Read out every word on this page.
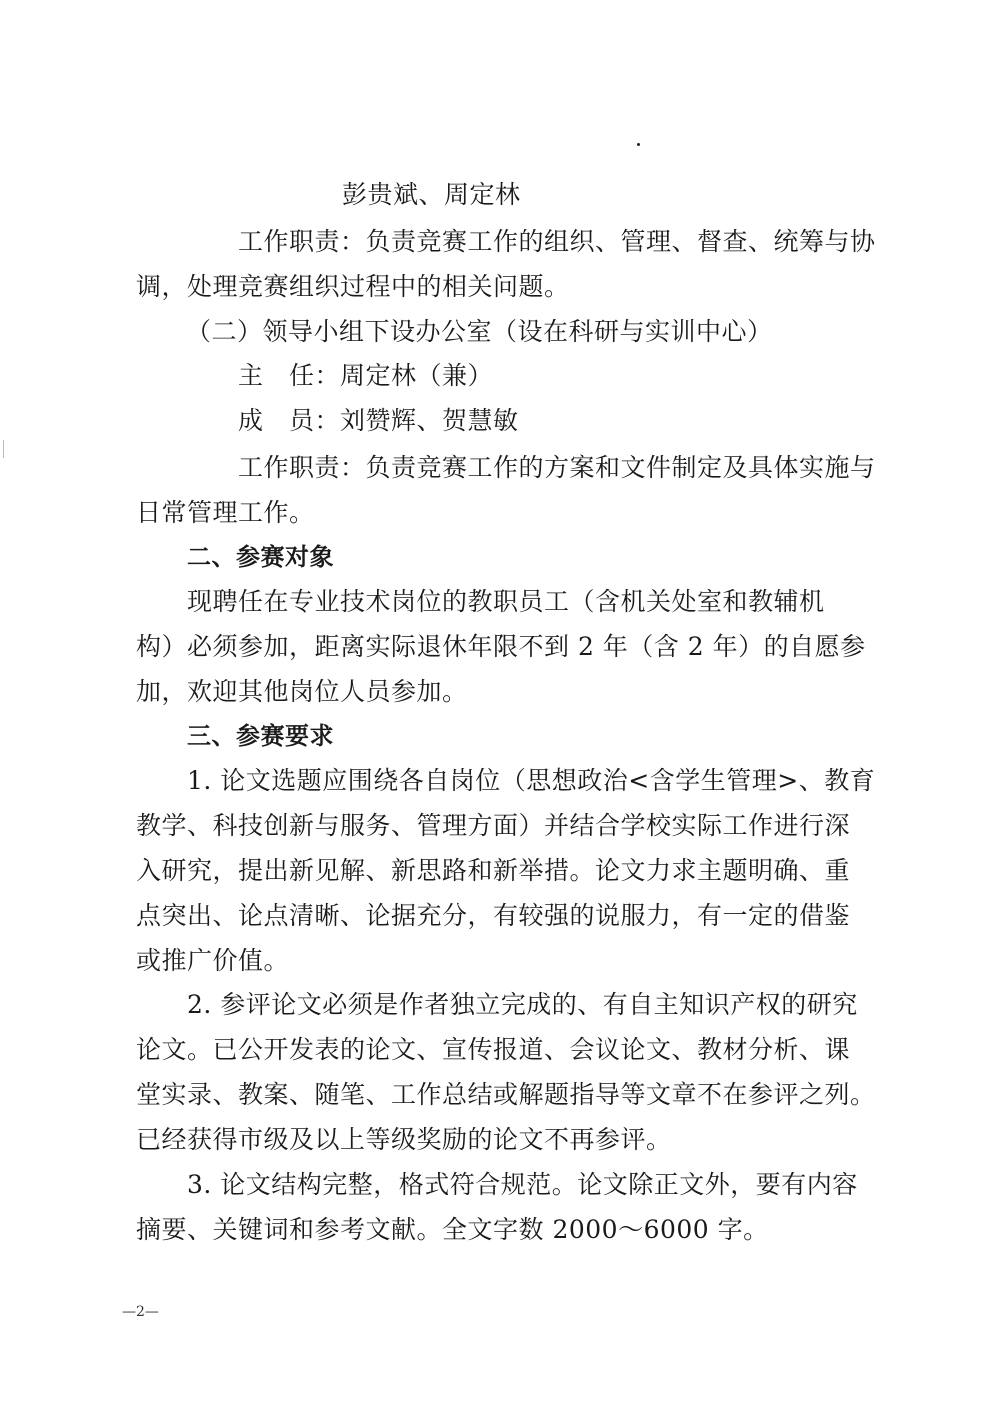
彭贵斌、周定林
工作职责：负责竞赛工作的组织、管理、督查、统筹与协
调，处理竞赛组织过程中的相关问题。
（二）领导小组下设办公室（设在科研与实训中心）
主　任：周定林（兼）
成　员：刘赞辉、贺慧敏
工作职责：负责竞赛工作的方案和文件制定及具体实施与
日常管理工作。
二、参赛对象
现聘任在专业技术岗位的教职员工（含机关处室和教辅机
构）必须参加，距离实际退休年限不到 2 年（含 2 年）的自愿参
加，欢迎其他岗位人员参加。
三、参赛要求
1. 论文选题应围绕各自岗位（思想政治<含学生管理>、教育
教学、科技创新与服务、管理方面）并结合学校实际工作进行深
入研究，提出新见解、新思路和新举措。论文力求主题明确、重
点突出、论点清晰、论据充分，有较强的说服力，有一定的借鉴
或推广价值。
2. 参评论文必须是作者独立完成的、有自主知识产权的研究
论文。已公开发表的论文、宣传报道、会议论文、教材分析、课
堂实录、教案、随笔、工作总结或解题指导等文章不在参评之列。
已经获得市级及以上等级奖励的论文不再参评。
3. 论文结构完整，格式符合规范。论文除正文外，要有内容
摘要、关键词和参考文献。全文字数 2000～6000 字。
—2—
